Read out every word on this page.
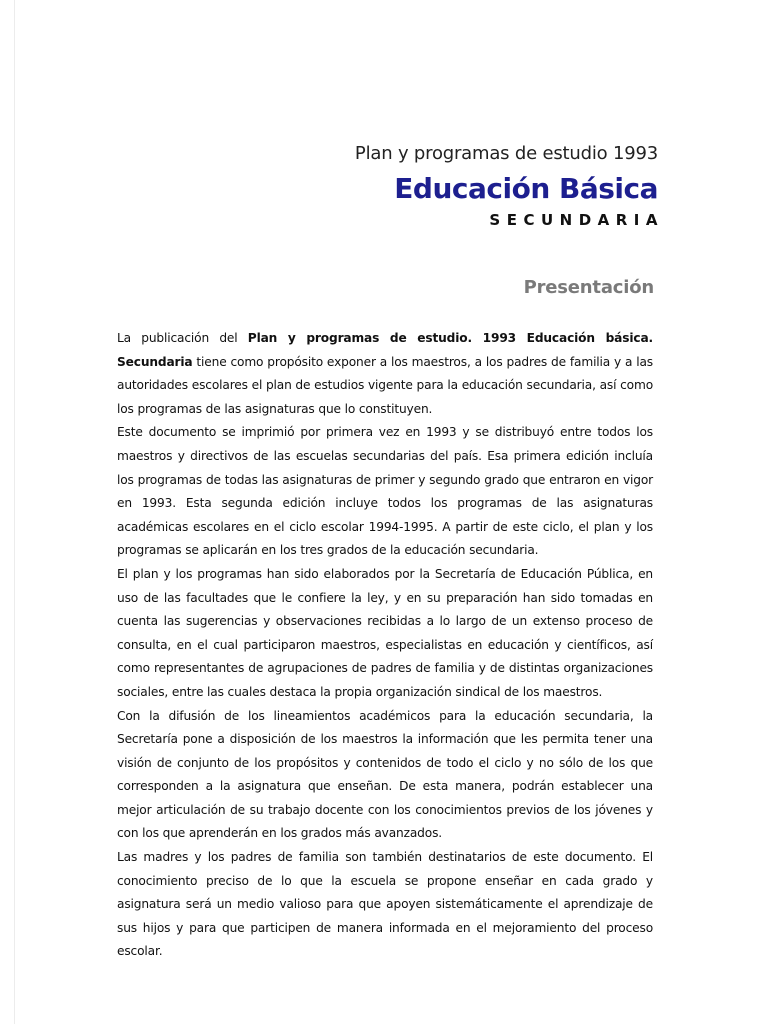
Plan y programas de estudio 1993
Educación Básica
SECUNDARIA
Presentación

La publicación del Plan y programas de estudio. 1993 Educación básica. Secundaria tiene como propósito exponer a los maestros, a los padres de familia y a las autoridades escolares el plan de estudios vigente para la educación secundaria, así como los programas de las asignaturas que lo constituyen.

Este documento se imprimió por primera vez en 1993 y se distribuyó entre todos los maestros y directivos de las escuelas secundarias del país. Esa primera edición incluía los programas de todas las asignaturas de primer y segundo grado que entraron en vigor en 1993. Esta segunda edición incluye todos los programas de las asignaturas académicas escolares en el ciclo escolar 1994-1995. A partir de este ciclo, el plan y los programas se aplicarán en los tres grados de la educación secundaria.

El plan y los programas han sido elaborados por la Secretaría de Educación Pública, en uso de las facultades que le confiere la ley, y en su preparación han sido tomadas en cuenta las sugerencias y observaciones recibidas a lo largo de un extenso proceso de consulta, en el cual participaron maestros, especialistas en educación y científicos, así como representantes de agrupaciones de padres de familia y de distintas organizaciones sociales, entre las cuales destaca la propia organización sindical de los maestros.

Con la difusión de los lineamientos académicos para la educación secundaria, la Secretaría pone a disposición de los maestros la información que les permita tener una visión de conjunto de los propósitos y contenidos de todo el ciclo y no sólo de los que corresponden a la asignatura que enseñan. De esta manera, podrán establecer una mejor articulación de su trabajo docente con los conocimientos previos de los jóvenes y con los que aprenderán en los grados más avanzados.

Las madres y los padres de familia son también destinatarios de este documento. El conocimiento preciso de lo que la escuela se propone enseñar en cada grado y asignatura será un medio valioso para que apoyen sistemáticamente el aprendizaje de sus hijos y para que participen de manera informada en el mejoramiento del proceso escolar.
